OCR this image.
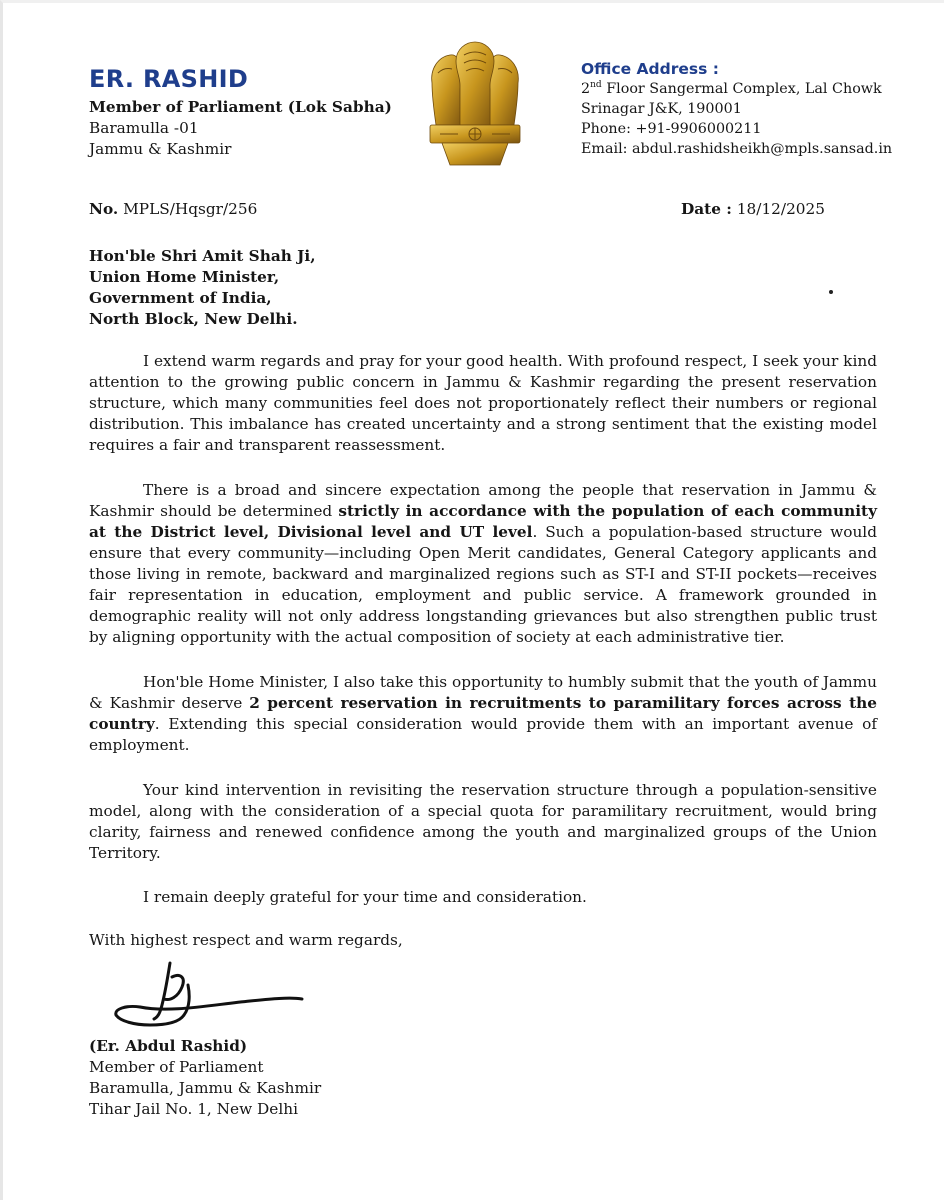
ER. RASHID
Member of Parliament (Lok Sabha)
Baramulla -01
Jammu & Kashmir
Office Address :
2nd Floor Sangermal Complex, Lal Chowk
Srinagar J&K, 190001
Phone: +91-9906000211
Email: abdul.rashidsheikh@mpls.sansad.in
No. MPLS/Hqsgr/256	Date : 18/12/2025
Hon'ble Shri Amit Shah Ji,
Union Home Minister,
Government of India,
North Block, New Delhi.

I extend warm regards and pray for your good health. With profound respect, I seek your kind attention to the growing public concern in Jammu & Kashmir regarding the present reservation structure, which many communities feel does not proportionately reflect their numbers or regional distribution. This imbalance has created uncertainty and a strong sentiment that the existing model requires a fair and transparent reassessment.

There is a broad and sincere expectation among the people that reservation in Jammu & Kashmir should be determined strictly in accordance with the population of each community at the District level, Divisional level and UT level. Such a population-based structure would ensure that every community—including Open Merit candidates, General Category applicants and those living in remote, backward and marginalized regions such as ST-I and ST-II pockets—receives fair representation in education, employment and public service. A framework grounded in demographic reality will not only address longstanding grievances but also strengthen public trust by aligning opportunity with the actual composition of society at each administrative tier.

Hon'ble Home Minister, I also take this opportunity to humbly submit that the youth of Jammu & Kashmir deserve 2 percent reservation in recruitments to paramilitary forces across the country. Extending this special consideration would provide them with an important avenue of employment.

Your kind intervention in revisiting the reservation structure through a population-sensitive model, along with the consideration of a special quota for paramilitary recruitment, would bring clarity, fairness and renewed confidence among the youth and marginalized groups of the Union Territory.

I remain deeply grateful for your time and consideration.

With highest respect and warm regards,
(Er. Abdul Rashid)
Member of Parliament
Baramulla, Jammu & Kashmir
Tihar Jail No. 1, New Delhi
